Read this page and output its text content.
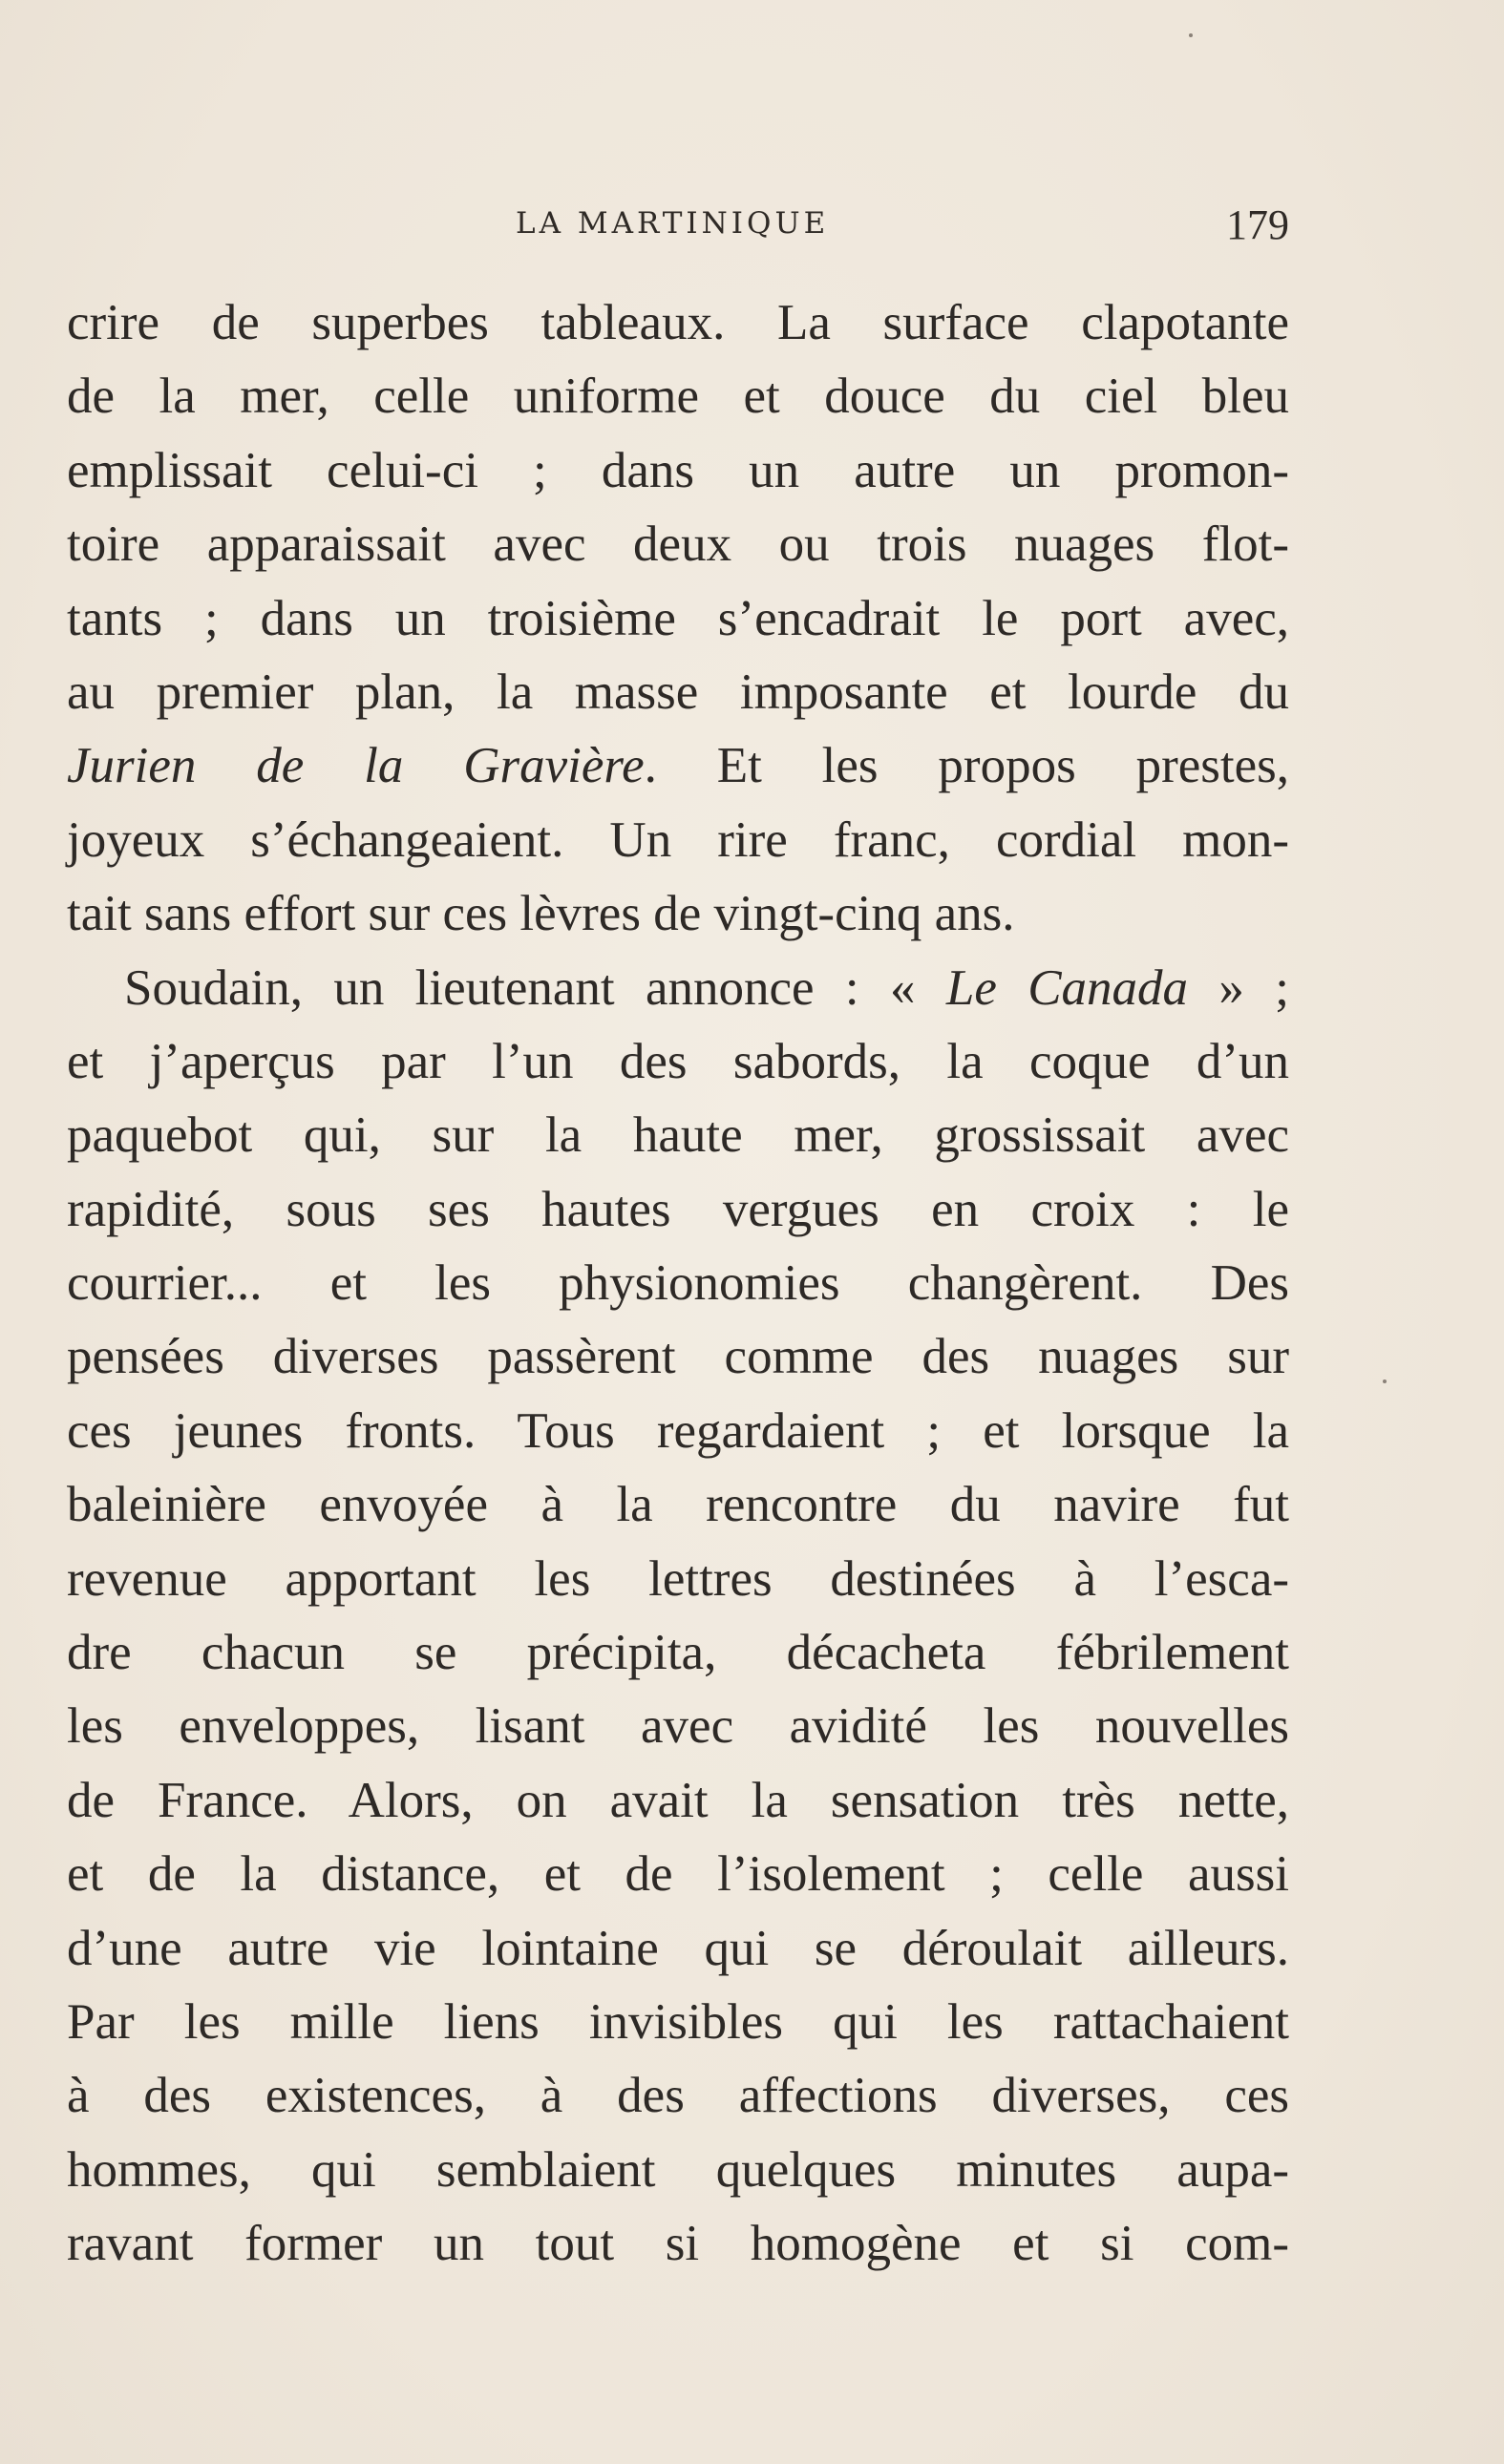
LA MARTINIQUE	179
crire de superbes tableaux. La surface clapotante
de la mer, celle uniforme et douce du ciel bleu
emplissait celui-ci ; dans un autre un promon-
toire apparaissait avec deux ou trois nuages flot-
tants ; dans un troisième s’encadrait le port avec,
au premier plan, la masse imposante et lourde du
Jurien de la Gravière. Et les propos prestes,
joyeux s’échangeaient. Un rire franc, cordial mon-
tait sans effort sur ces lèvres de vingt-cinq ans.
Soudain, un lieutenant annonce : « Le Canada » ;
et j’aperçus par l’un des sabords, la coque d’un
paquebot qui, sur la haute mer, grossissait avec
rapidité, sous ses hautes vergues en croix : le
courrier... et les physionomies changèrent. Des
pensées diverses passèrent comme des nuages sur
ces jeunes fronts. Tous regardaient ; et lorsque la
baleinière envoyée à la rencontre du navire fut
revenue apportant les lettres destinées à l’esca-
dre chacun se précipita, décacheta fébrilement
les enveloppes, lisant avec avidité les nouvelles
de France. Alors, on avait la sensation très nette,
et de la distance, et de l’isolement ; celle aussi
d’une autre vie lointaine qui se déroulait ailleurs.
Par les mille liens invisibles qui les rattachaient
à des existences, à des affections diverses, ces
hommes, qui semblaient quelques minutes aupa-
ravant former un tout si homogène et si com-
